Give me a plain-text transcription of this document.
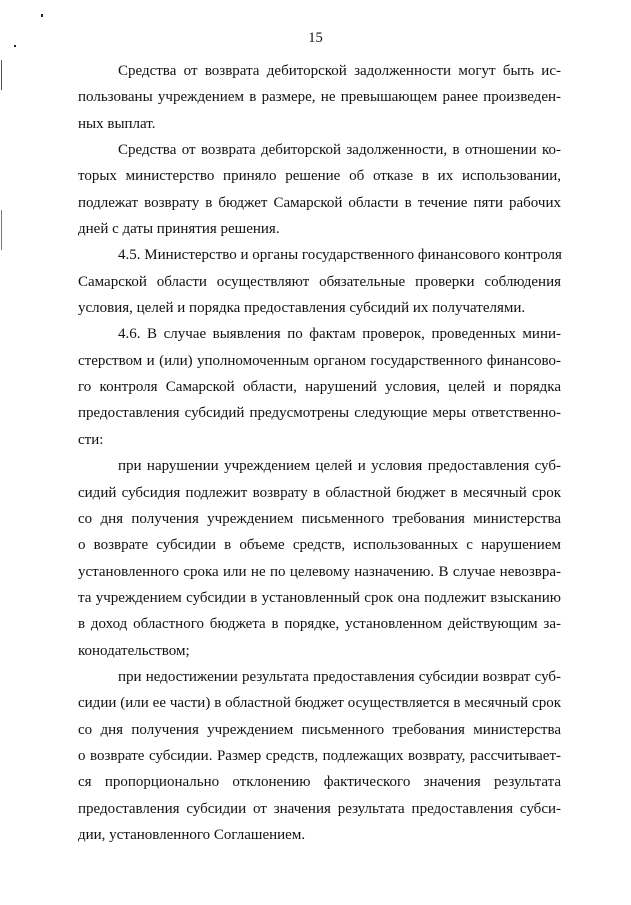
15
Средства от возврата дебиторской задолженности могут быть ис-
пользованы учреждением в размере, не превышающем ранее произведен-
ных выплат.
Средства от возврата дебиторской задолженности, в отношении ко-
торых министерство приняло решение об отказе в их использовании,
подлежат возврату в бюджет Самарской области в течение пяти рабочих
дней с даты принятия решения.
4.5. Министерство и органы государственного финансового контроля
Самарской области осуществляют обязательные проверки соблюдения
условия, целей и порядка предоставления субсидий их получателями.
4.6. В случае выявления по фактам проверок, проведенных мини-
стерством и (или) уполномоченным органом государственного финансово-
го контроля Самарской области, нарушений условия, целей и порядка
предоставления субсидий предусмотрены следующие меры ответственно-
сти:
при нарушении учреждением целей и условия предоставления суб-
сидий субсидия подлежит возврату в областной бюджет в месячный срок
со дня получения учреждением письменного требования министерства
о возврате субсидии в объеме средств, использованных с нарушением
установленного срока или не по целевому назначению. В случае невозвра-
та учреждением субсидии в установленный срок она подлежит взысканию
в доход областного бюджета в порядке, установленном действующим за-
конодательством;
при недостижении результата предоставления субсидии возврат суб-
сидии (или ее части) в областной бюджет осуществляется в месячный срок
со дня получения учреждением письменного требования министерства
о возврате субсидии. Размер средств, подлежащих возврату, рассчитывает-
ся пропорционально отклонению фактического значения результата
предоставления субсидии от значения результата предоставления субси-
дии, установленного Соглашением.
